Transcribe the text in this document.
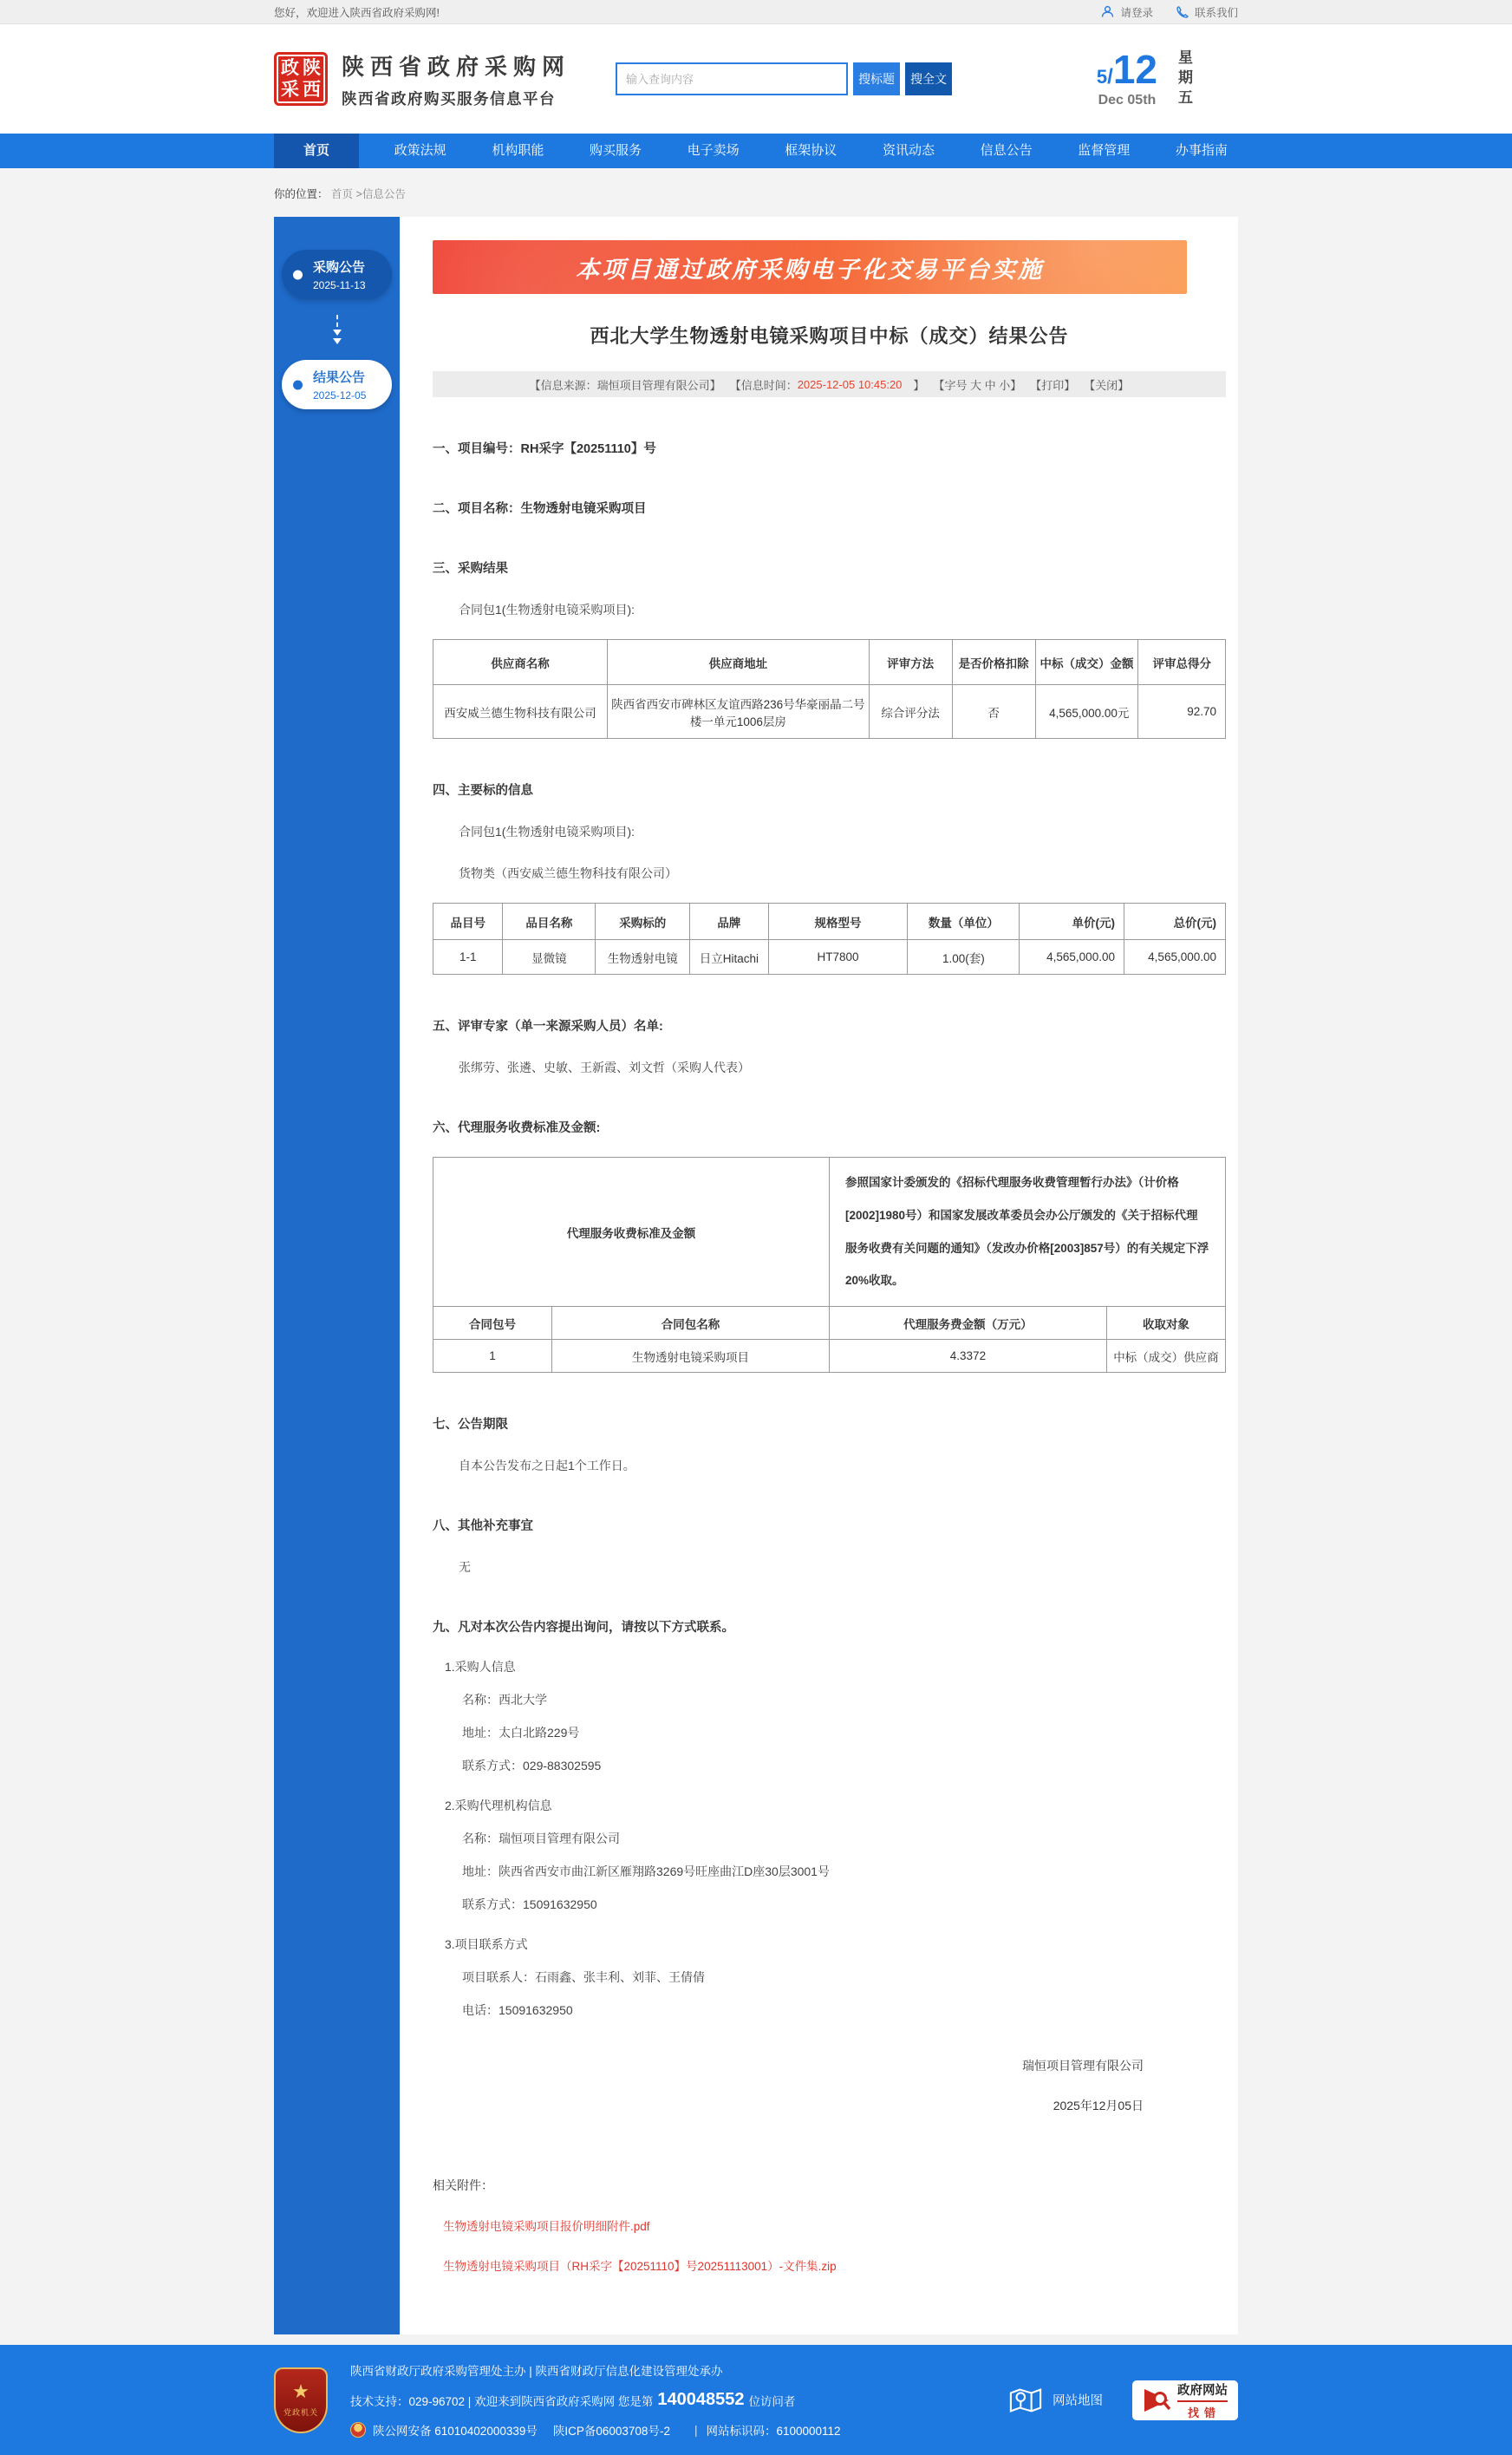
您好，欢迎进入陕西省政府采购网!	请登录	联系我们
政 陕
采 西
陕西省政府采购网
陕西省政府购买服务信息平台
输入查询内容
搜标题	搜全文	5/12
Dec 05th 星期五
首页	政策法规	机构职能	购买服务	电子卖场	框架协议	资讯动态	信息公告	监督管理	办事指南
你的位置： 首页 >信息公告
采购公告
2025-11-13
结果公告
2025-12-05
本项目通过政府采购电子化交易平台实施
西北大学生物透射电镜采购项目中标（成交）结果公告
【信息来源：瑞恒项目管理有限公司】 【信息时间： 2025-12-05 10:45:20 　】 【字号 大 中 小】 【打印】 【关闭】
一、项目编号：RH采字【20251110】号
二、项目名称：生物透射电镜采购项目
三、采购结果
合同包1(生物透射电镜采购项目):
供应商名称	供应商地址	评审方法	是否价格扣除	中标（成交）金额	评审总得分
西安威兰德生物科技有限公司	陕西省西安市碑林区友谊西路236号华豪丽晶二号楼一单元1006层房	综合评分法	否	4,565,000.00元	92.70
四、主要标的信息
合同包1(生物透射电镜采购项目):
货物类（西安威兰德生物科技有限公司）
品目号	品目名称	采购标的	品牌	规格型号	数量（单位）	单价(元)	总价(元)
1-1	显微镜	生物透射电镜	日立Hitachi	HT7800	1.00(套)	4,565,000.00	4,565,000.00
五、评审专家（单一来源采购人员）名单:
张绑劳、张遴、史敏、王新霞、刘文哲（采购人代表）
六、代理服务收费标准及金额:
代理服务收费标准及金额		参照国家计委颁发的《招标代理服务收费管理暂行办法》（计价格[2002]1980号）和国家发展改革委员会办公厅颁发的《关于招标代理服务收费有关问题的通知》（发改办价格[2003]857号）的有关规定下浮20%收取。	
合同包号	合同包名称	代理服务费金额（万元）	收取对象
1	生物透射电镜采购项目	4.3372	中标（成交）供应商
七、公告期限
自本公告发布之日起1个工作日。
八、其他补充事宜
无
九、凡对本次公告内容提出询问，请按以下方式联系。
1.采购人信息
名称：西北大学
地址：太白北路229号
联系方式：029-88302595
2.采购代理机构信息
名称：瑞恒项目管理有限公司
地址：陕西省西安市曲江新区雁翔路3269号旺座曲江D座30层3001号
联系方式：15091632950
3.项目联系方式
项目联系人：石雨鑫、张丰利、刘菲、王倩倩
电话：15091632950
瑞恒项目管理有限公司
2025年12月05日
相关附件：
生物透射电镜采购项目报价明细附件.pdf
生物透射电镜采购项目（RH采字【20251110】号20251113001）-文件集.zip
★
党政机关
陕西省财政厅政府采购管理处主办 | 陕西省财政厅信息化建设管理处承办
技术支持：029-96702 | 欢迎来到陕西省政府采购网 您是第 140048552 位访问者
陕公网安备 61010402000339号 陕ICP备06003708号-2 | 网站标识码：6100000112
网站地图
政府网站
找错
